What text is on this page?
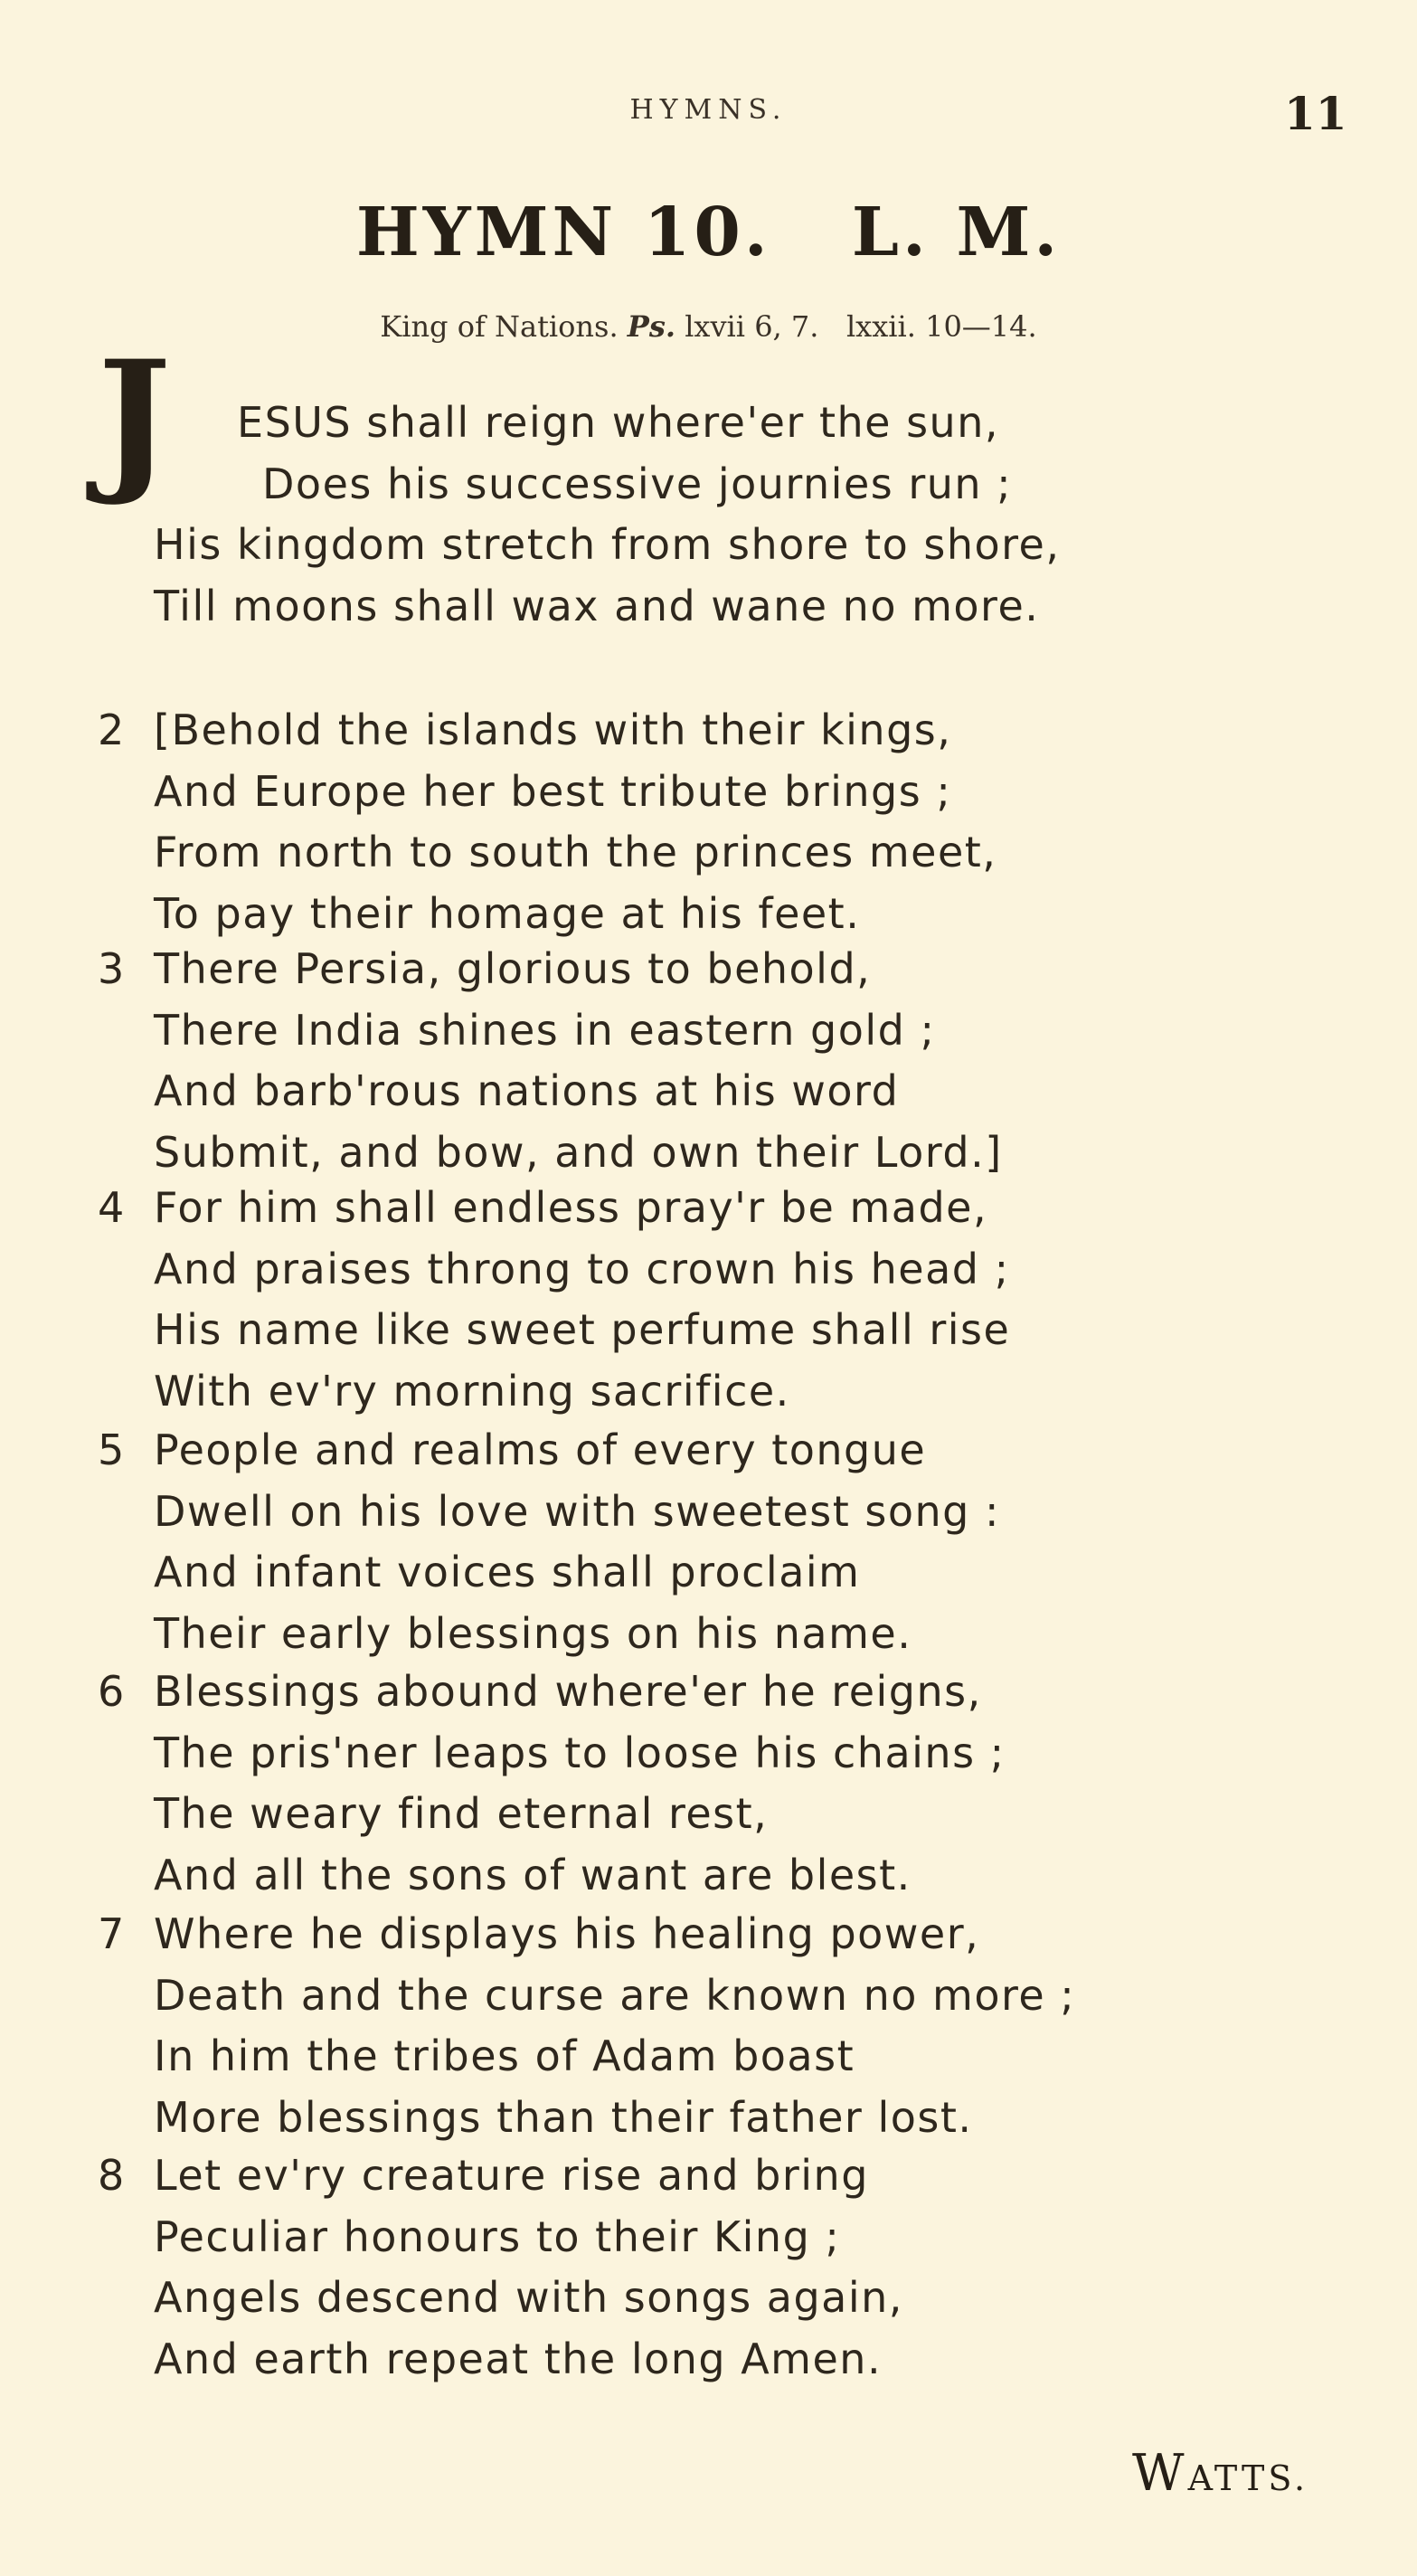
HYMNS.	11
HYMN 10.   L. M.
King of Nations. Ps. lxvii 6, 7.   lxxii. 10—14.
J ESUS shall reign where'er the sun,
Does his successive journies run ;
His kingdom stretch from shore to shore,
Till moons shall wax and wane no more.
2 [Behold the islands with their kings,
And Europe her best tribute brings ;
From north to south the princes meet,
To pay their homage at his feet.
3 There Persia, glorious to behold,
There India shines in eastern gold ;
And barb'rous nations at his word
Submit, and bow, and own their Lord.]
4 For him shall endless pray'r be made,
And praises throng to crown his head ;
His name like sweet perfume shall rise
With ev'ry morning sacrifice.
5 People and realms of every tongue
Dwell on his love with sweetest song :
And infant voices shall proclaim
Their early blessings on his name.
6 Blessings abound where'er he reigns,
The pris'ner leaps to loose his chains ;
The weary find eternal rest,
And all the sons of want are blest.
7 Where he displays his healing power,
Death and the curse are known no more ;
In him the tribes of Adam boast
More blessings than their father lost.
8 Let ev'ry creature rise and bring
Peculiar honours to their King ;
Angels descend with songs again,
And earth repeat the long Amen.
WATTS.
